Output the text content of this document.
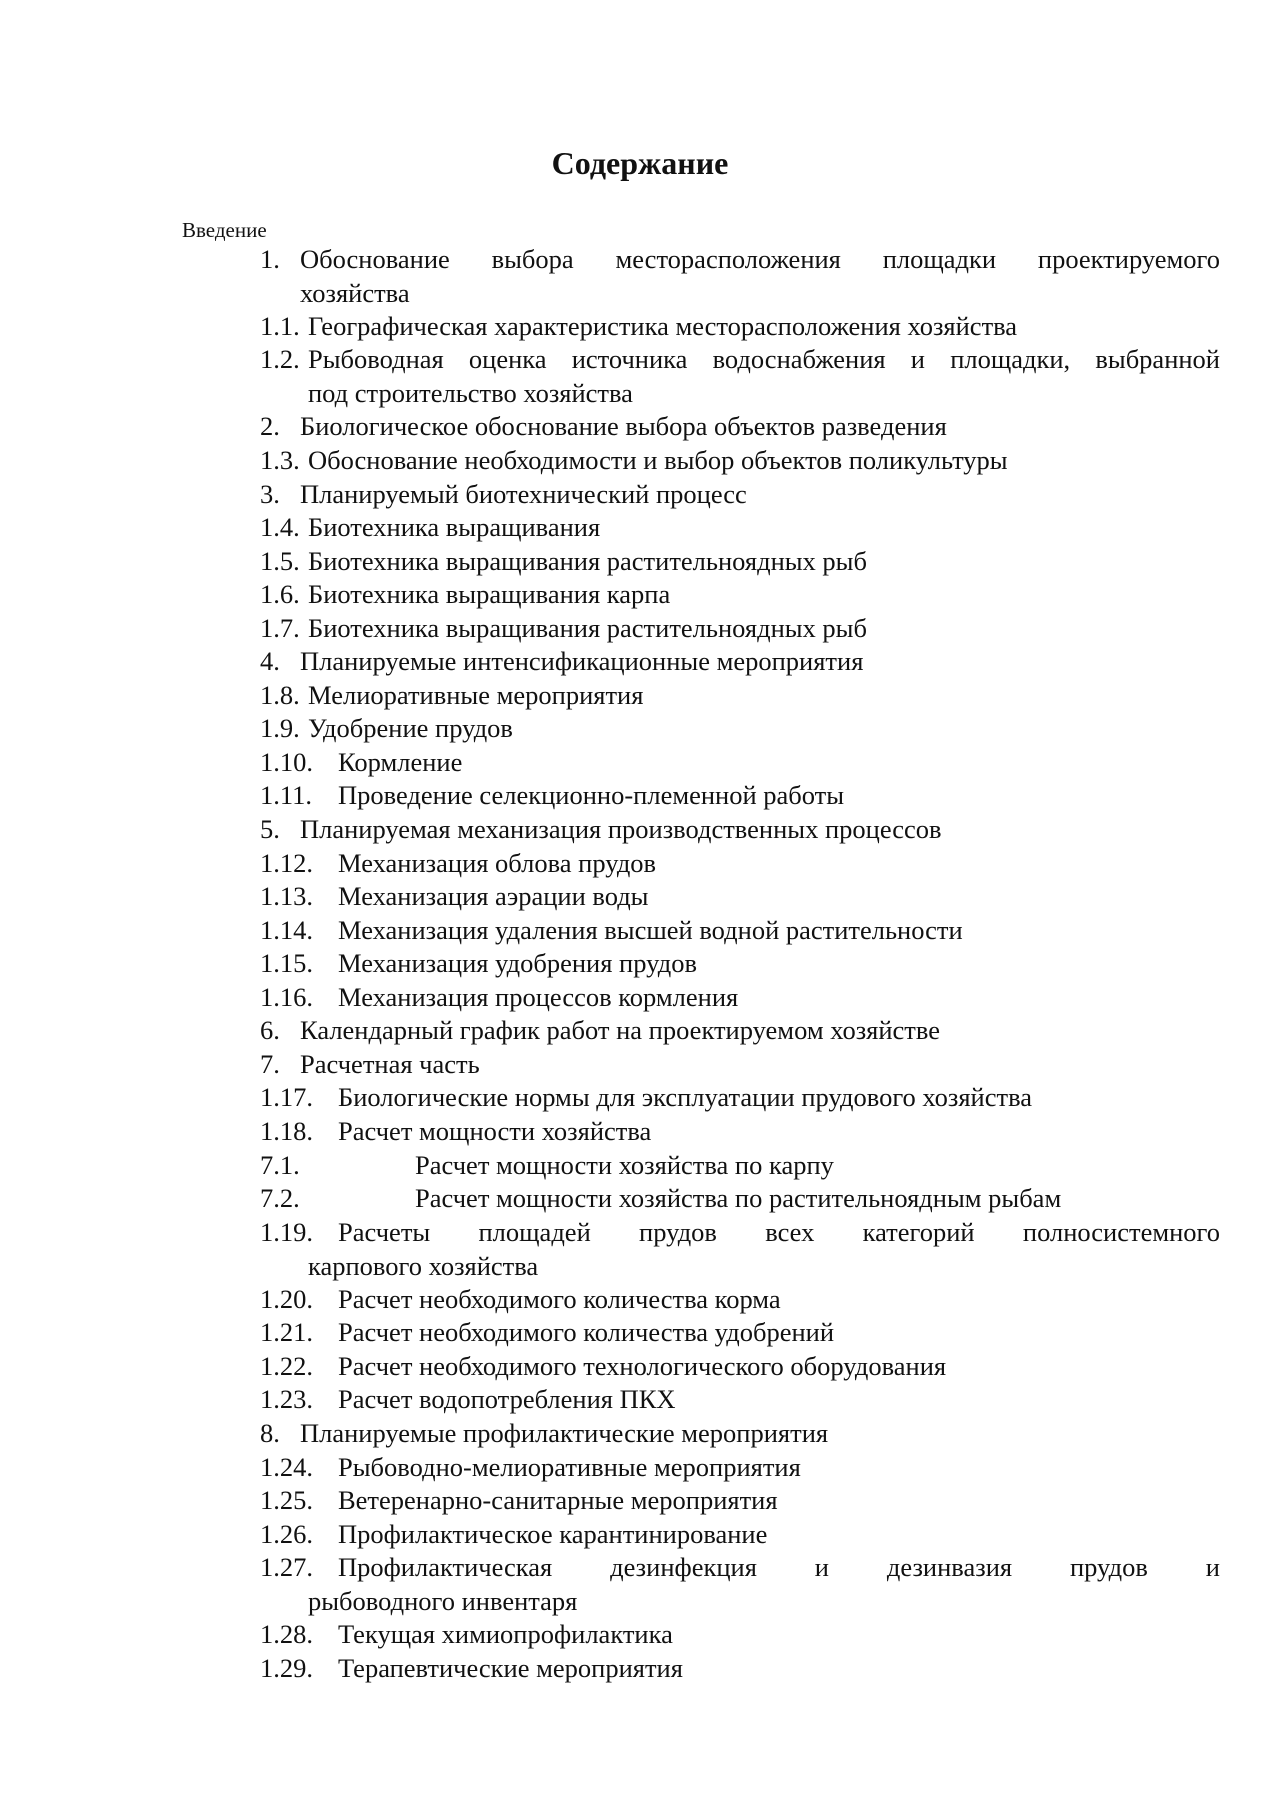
Содержание
Введение
1. Обоснование выбора месторасположения площадки проектируемого
хозяйства
1.1. Географическая характеристика месторасположения хозяйства
1.2. Рыбоводная оценка источника водоснабжения и площадки, выбранной
под строительство хозяйства
2. Биологическое обоснование выбора объектов разведения
1.3. Обоснование необходимости и выбор объектов поликультуры
3. Планируемый биотехнический процесс
1.4. Биотехника выращивания
1.5. Биотехника выращивания растительноядных рыб
1.6. Биотехника выращивания карпа
1.7. Биотехника выращивания растительноядных рыб
4. Планируемые интенсификационные мероприятия
1.8. Мелиоративные мероприятия
1.9. Удобрение прудов
1.10. Кормление
1.11. Проведение селекционно-племенной работы
5. Планируемая механизация производственных процессов
1.12. Механизация облова прудов
1.13. Механизация аэрации воды
1.14. Механизация удаления высшей водной растительности
1.15. Механизация удобрения прудов
1.16. Механизация процессов кормления
6. Календарный график работ на проектируемом хозяйстве
7. Расчетная часть
1.17. Биологические нормы для эксплуатации прудового хозяйства
1.18. Расчет мощности хозяйства
7.1.	Расчет мощности хозяйства по карпу
7.2.	Расчет мощности хозяйства по растительноядным рыбам
1.19. Расчеты площадей прудов всех категорий полносистемного
карпового хозяйства
1.20. Расчет необходимого количества корма
1.21. Расчет необходимого количества удобрений
1.22. Расчет необходимого технологического оборудования
1.23. Расчет водопотребления ПКХ
8. Планируемые профилактические мероприятия
1.24. Рыбоводно-мелиоративные мероприятия
1.25. Ветеренарно-санитарные мероприятия
1.26. Профилактическое карантинирование
1.27. Профилактическая дезинфекция и дезинвазия прудов и
рыбоводного инвентаря
1.28. Текущая химиопрофилактика
1.29. Терапевтические мероприятия
